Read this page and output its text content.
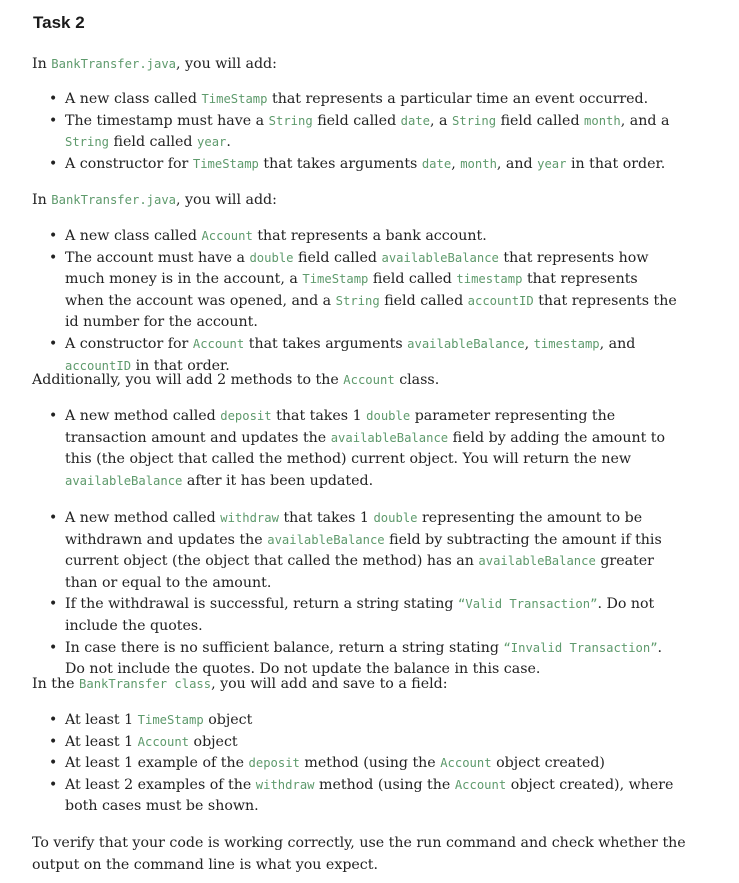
Task 2

In BankTransfer.java, you will add:

• A new class called TimeStamp that represents a particular time an event occurred.
• The timestamp must have a String field called date, a String field called month, and a String field called year.
• A constructor for TimeStamp that takes arguments date, month, and year in that order.

In BankTransfer.java, you will add:

• A new class called Account that represents a bank account.
• The account must have a double field called availableBalance that represents how much money is in the account, a TimeStamp field called timestamp that represents when the account was opened, and a String field called accountID that represents the id number for the account.
• A constructor for Account that takes arguments availableBalance, timestamp, and accountID in that order.

Additionally, you will add 2 methods to the Account class.

• A new method called deposit that takes 1 double parameter representing the transaction amount and updates the availableBalance field by adding the amount to this (the object that called the method) current object. You will return the new availableBalance after it has been updated.
• A new method called withdraw that takes 1 double representing the amount to be withdrawn and updates the availableBalance field by subtracting the amount if this current object (the object that called the method) has an availableBalance greater than or equal to the amount.
• If the withdrawal is successful, return a string stating “Valid Transaction”. Do not include the quotes.
• In case there is no sufficient balance, return a string stating “Invalid Transaction”. Do not include the quotes. Do not update the balance in this case.

In the BankTransfer class, you will add and save to a field:

• At least 1 TimeStamp object
• At least 1 Account object
• At least 1 example of the deposit method (using the Account object created)
• At least 2 examples of the withdraw method (using the Account object created), where both cases must be shown.

To verify that your code is working correctly, use the run command and check whether the output on the command line is what you expect.
